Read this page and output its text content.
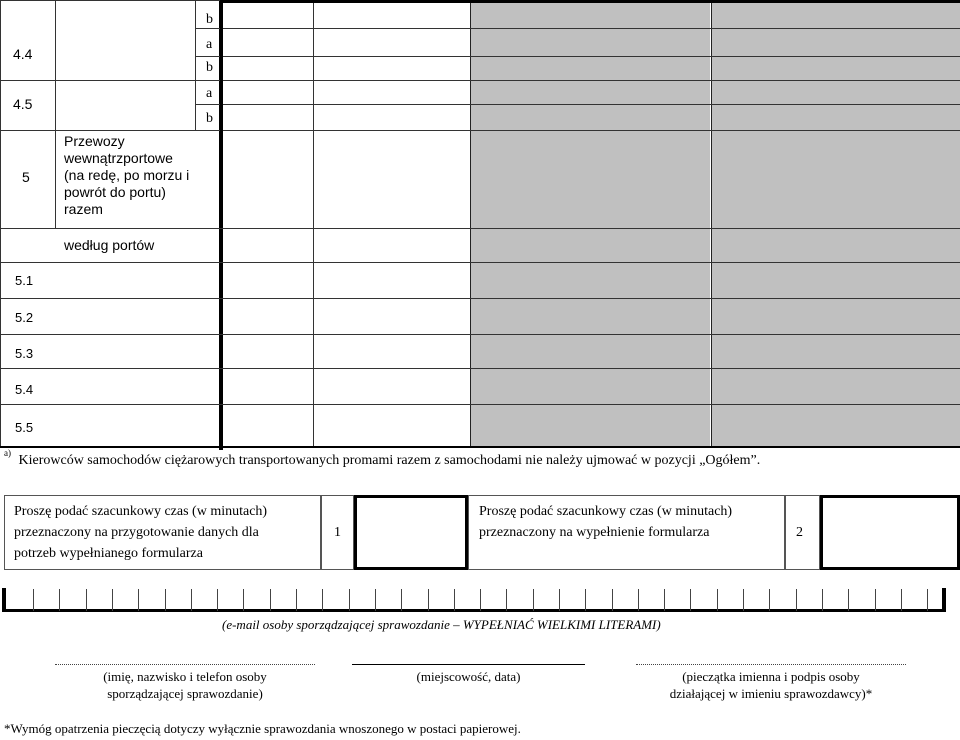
4.4
4.5
5
b
a
b
a
b
Przewozy
wewnątrzportowe
(na redę, po morzu i
powrót do portu)
razem
według portów
5.1
5.2
5.3
5.4
5.5
$^{a)}$ Kierowców samochodów ciężarowych transportowanych promami razem z samochodami nie należy ujmować w pozycji „Ogółem”.
Proszę podać szacunkowy czas (w minutach)
przeznaczony na przygotowanie danych dla
potrzeb wypełnianego formularza
1
Proszę podać szacunkowy czas (w minutach)
przeznaczony na wypełnienie formularza	2
(e-mail osoby sporządzającej sprawozdanie – WYPEŁNIAĆ WIELKIMI LITERAMI)
(imię, nazwisko i telefon osoby
sporządzającej sprawozdanie)
(miejscowość, data)	(pieczątka imienna i podpis osoby
działającej w imieniu sprawozdawcy)*
*Wymóg opatrzenia pieczęcią dotyczy wyłącznie sprawozdania wnoszonego w postaci papierowej.
